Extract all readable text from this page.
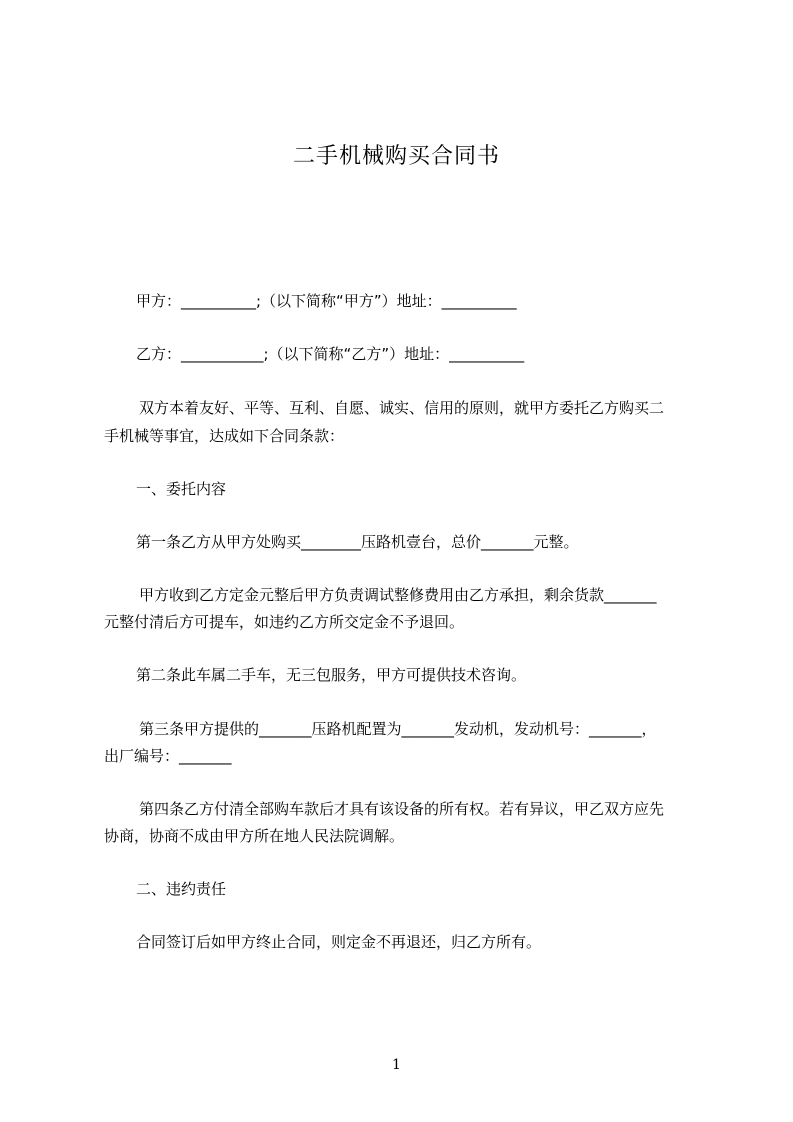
二手机械购买合同书

甲方：__________;（以下简称“甲方”）地址：__________

乙方：___________;（以下简称“乙方”）地址：__________

双方本着友好、平等、互利、自愿、诚实、信用的原则，就甲方委托乙方购买二

手机械等事宜，达成如下合同条款：

一、委托内容

第一条乙方从甲方处购买________压路机壹台，总价_______元整。

甲方收到乙方定金元整后甲方负责调试整修费用由乙方承担，剩余货款_______

元整付清后方可提车，如违约乙方所交定金不予退回。

第二条此车属二手车，无三包服务，甲方可提供技术咨询。

第三条甲方提供的_______压路机配置为_______发动机，发动机号：_______，

出厂编号：_______

第四条乙方付清全部购车款后才具有该设备的所有权。若有异议，甲乙双方应先

协商，协商不成由甲方所在地人民法院调解。

二、违约责任

合同签订后如甲方终止合同，则定金不再退还，归乙方所有。

1
